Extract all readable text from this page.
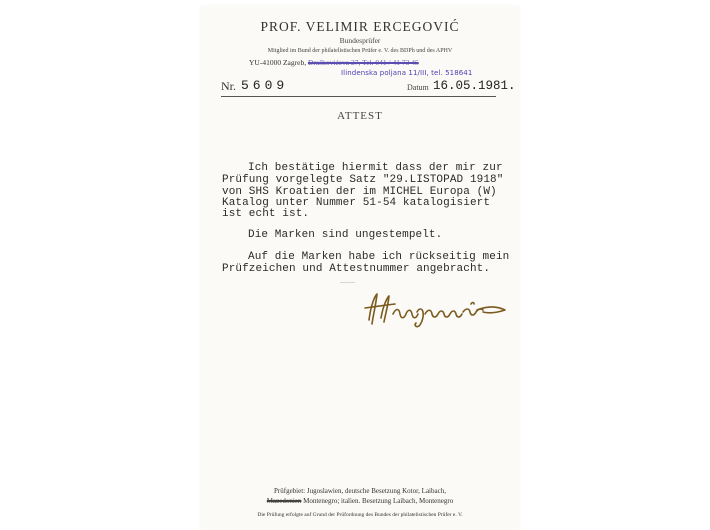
PROF. VELIMIR ERCEGOVIĆ
Bundesprüfer
Mitglied im Bund der philatelistischen Prüfer e. V. des BDPh und des APHV
YU-41000 Zagreb, Draškovićeva 27, Tel. 041 / 41 73 45
Ilindenska poljana 11/III, tel. 518641
Nr. 5609	Datum 16.05.1981.
ATTEST
Ich bestätige hiermit dass der mir zur
Prüfung vorgelegte Satz "29.LISTOPAD 1918"
von SHS Kroatien der im MICHEL Europa (W)
Katalog unter Nummer 51-54 katalogisiert
ist echt ist.
Die Marken sind ungestempelt.
Auf die Marken habe ich rückseitig mein
Prüfzeichen und Attestnummer angebracht.
~~~~~~~
Prüfgebiet: Jugoslawien, deutsche Besetzung Kotor, Laibach,
Mazedonien Montenegro; italien. Besetzung Laibach, Montenegro
Die Prüfung erfolgte auf Grund der Prüfordnung des Bundes der philatelistischen Prüfer e. V.
